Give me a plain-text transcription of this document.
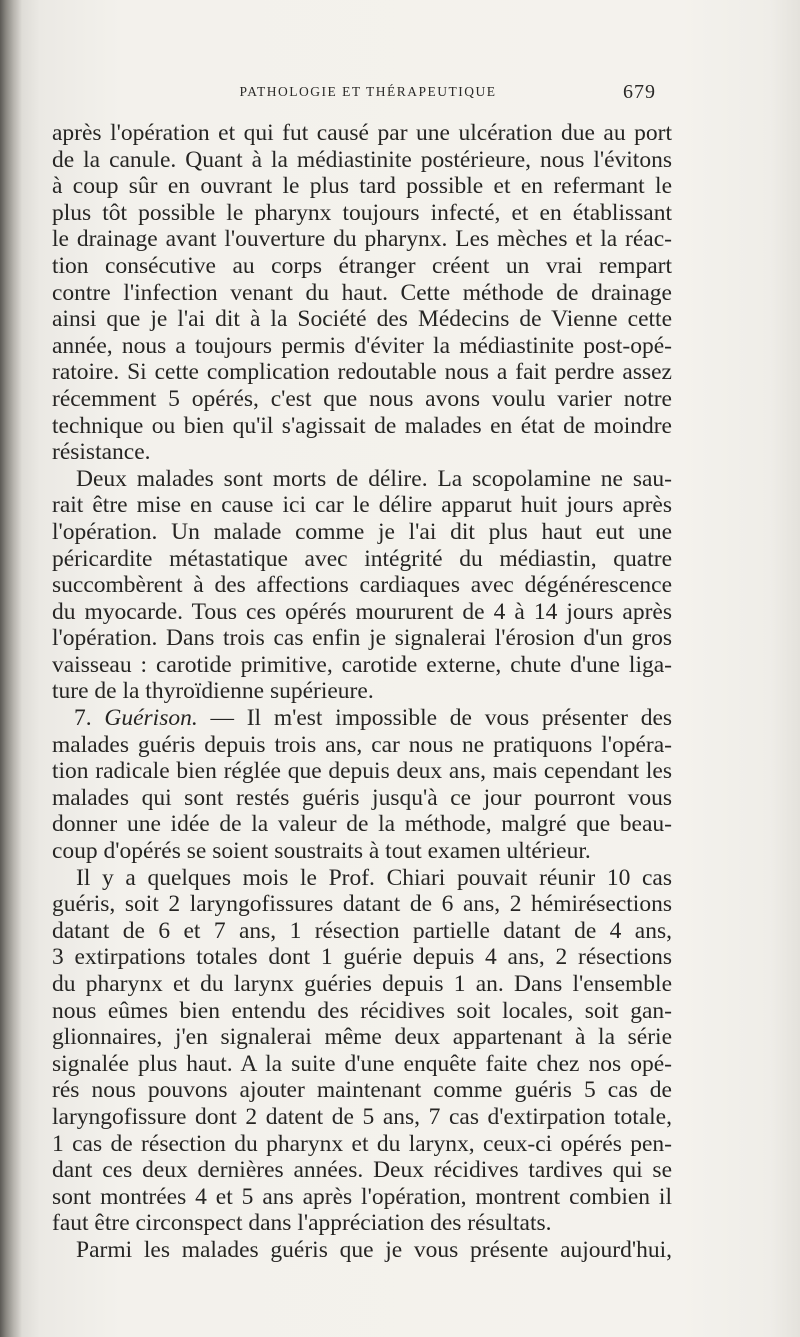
PATHOLOGIE ET THÉRAPEUTIQUE	679
après l'opération et qui fut causé par une ulcération due au port
de la canule. Quant à la médiastinite postérieure, nous l'évitons
à coup sûr en ouvrant le plus tard possible et en refermant le
plus tôt possible le pharynx toujours infecté, et en établissant
le drainage avant l'ouverture du pharynx. Les mèches et la réac-
tion consécutive au corps étranger créent un vrai rempart
contre l'infection venant du haut. Cette méthode de drainage
ainsi que je l'ai dit à la Société des Médecins de Vienne cette
année, nous a toujours permis d'éviter la médiastinite post-opé-
ratoire. Si cette complication redoutable nous a fait perdre assez
récemment 5 opérés, c'est que nous avons voulu varier notre
technique ou bien qu'il s'agissait de malades en état de moindre
résistance.
Deux malades sont morts de délire. La scopolamine ne sau-
rait être mise en cause ici car le délire apparut huit jours après
l'opération. Un malade comme je l'ai dit plus haut eut une
péricardite métastatique avec intégrité du médiastin, quatre
succombèrent à des affections cardiaques avec dégénérescence
du myocarde. Tous ces opérés moururent de 4 à 14 jours après
l'opération. Dans trois cas enfin je signalerai l'érosion d'un gros
vaisseau : carotide primitive, carotide externe, chute d'une liga-
ture de la thyroïdienne supérieure.
7. Guérison. — Il m'est impossible de vous présenter des
malades guéris depuis trois ans, car nous ne pratiquons l'opéra-
tion radicale bien réglée que depuis deux ans, mais cependant les
malades qui sont restés guéris jusqu'à ce jour pourront vous
donner une idée de la valeur de la méthode, malgré que beau-
coup d'opérés se soient soustraits à tout examen ultérieur.
Il y a quelques mois le Prof. Chiari pouvait réunir 10 cas
guéris, soit 2 laryngofissures datant de 6 ans, 2 hémirésections
datant de 6 et 7 ans, 1 résection partielle datant de 4 ans,
3 extirpations totales dont 1 guérie depuis 4 ans, 2 résections
du pharynx et du larynx guéries depuis 1 an. Dans l'ensemble
nous eûmes bien entendu des récidives soit locales, soit gan-
glionnaires, j'en signalerai même deux appartenant à la série
signalée plus haut. A la suite d'une enquête faite chez nos opé-
rés nous pouvons ajouter maintenant comme guéris 5 cas de
laryngofissure dont 2 datent de 5 ans, 7 cas d'extirpation totale,
1 cas de résection du pharynx et du larynx, ceux-ci opérés pen-
dant ces deux dernières années. Deux récidives tardives qui se
sont montrées 4 et 5 ans après l'opération, montrent combien il
faut être circonspect dans l'appréciation des résultats.
Parmi les malades guéris que je vous présente aujourd'hui,
